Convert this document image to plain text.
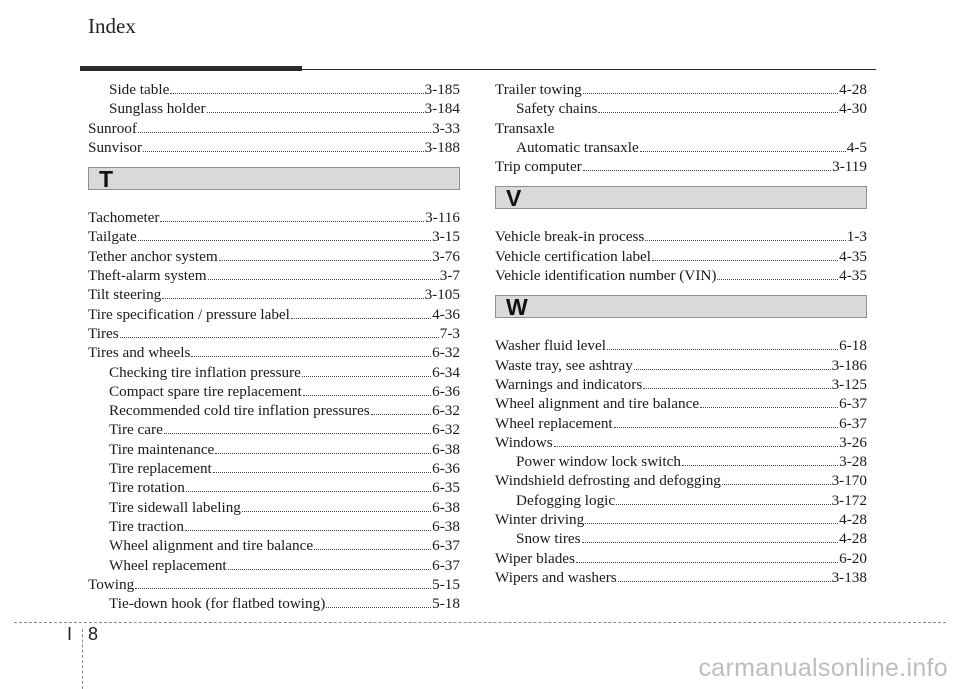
Index
Side table	3-185
Sunglass holder	3-184
Sunroof	3-33
Sunvisor	3-188
T
Tachometer	3-116
Tailgate	3-15
Tether anchor system	3-76
Theft-alarm system	3-7
Tilt steering	3-105
Tire specification / pressure label	4-36
Tires	7-3
Tires and wheels	6-32
Checking tire inflation pressure	6-34
Compact spare tire replacement	6-36
Recommended cold tire inflation pressures	6-32
Tire care	6-32
Tire maintenance	6-38
Tire replacement	6-36
Tire rotation	6-35
Tire sidewall labeling	6-38
Tire traction	6-38
Wheel alignment and tire balance	6-37
Wheel replacement	6-37
Towing	5-15
Tie-down hook (for flatbed towing)	5-18
Trailer towing	4-28
Safety chains	4-30
Transaxle
Automatic transaxle	4-5
Trip computer	3-119
V
Vehicle break-in process	1-3
Vehicle certification label	4-35
Vehicle identification number (VIN)	4-35
W
Washer fluid level	6-18
Waste tray, see ashtray	3-186
Warnings and indicators	3-125
Wheel alignment and tire balance	6-37
Wheel replacement	6-37
Windows	3-26
Power window lock switch	3-28
Windshield defrosting and defogging	3-170
Defogging logic	3-172
Winter driving	4-28
Snow tires	4-28
Wiper blades	6-20
Wipers and washers	3-138
I 8
carmanualsonline.info
